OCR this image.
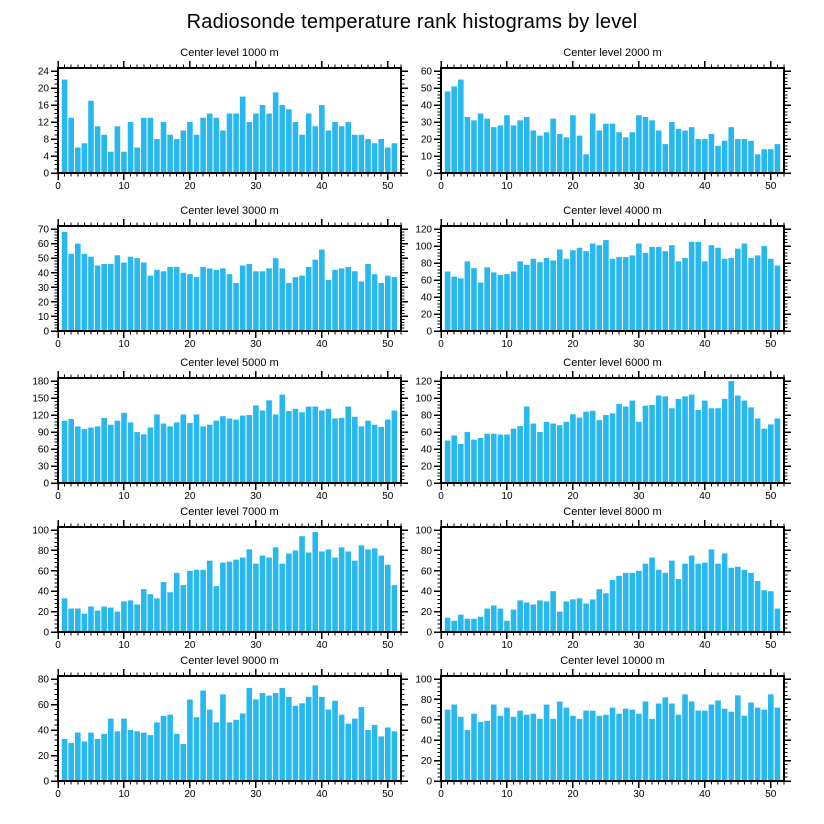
Radiosonde temperature rank histograms by level
Center level 1000 m
0	10	20	30	40	50
0
4
8
12
16
20
24
Center level 2000 m
0	10	20	30	40	50
0
10
20
30
40
50
60
Center level 3000 m
0	10	20	30	40	50
0
10
20
30
40
50
60
70
Center level 4000 m
0	10	20	30	40	50
0
20
40
60
80
100
120
Center level 5000 m
0	10	20	30	40	50
0
30
60
90
120
150
180
Center level 6000 m
0	10	20	30	40	50
0
20
40
60
80
100
120
Center level 7000 m
0	10	20	30	40	50
0
20
40
60
80
100
Center level 8000 m
0	10	20	30	40	50
0
20
40
60
80
100
Center level 9000 m
0	10	20	30	40	50
0
20
40
60
80
Center level 10000 m
0	10	20	30	40	50
0
20
40
60
80
100
